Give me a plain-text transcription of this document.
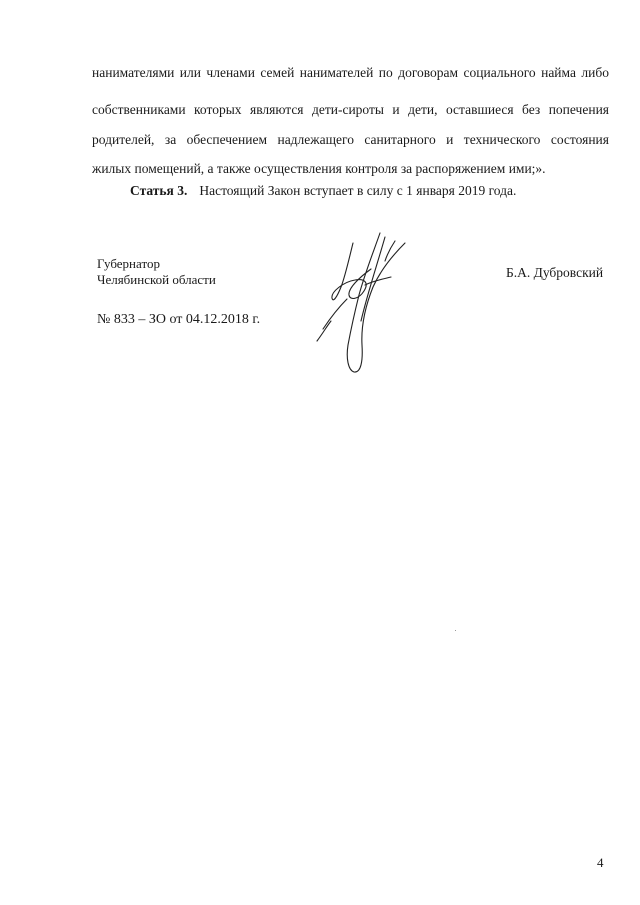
нанимателями или членами семей нанимателей по договорам социального найма либо
собственниками которых являются дети-сироты и дети, оставшиеся без попечения
родителей, за обеспечением надлежащего санитарного и технического состояния
жилых помещений, а также осуществления контроля за распоряжением ими;».
Статья 3. Настоящий Закон вступает в силу с 1 января 2019 года.
Губернатор
Челябинской области
№ 833 – ЗО от 04.12.2018 г.
Б.А. Дубровский
4
